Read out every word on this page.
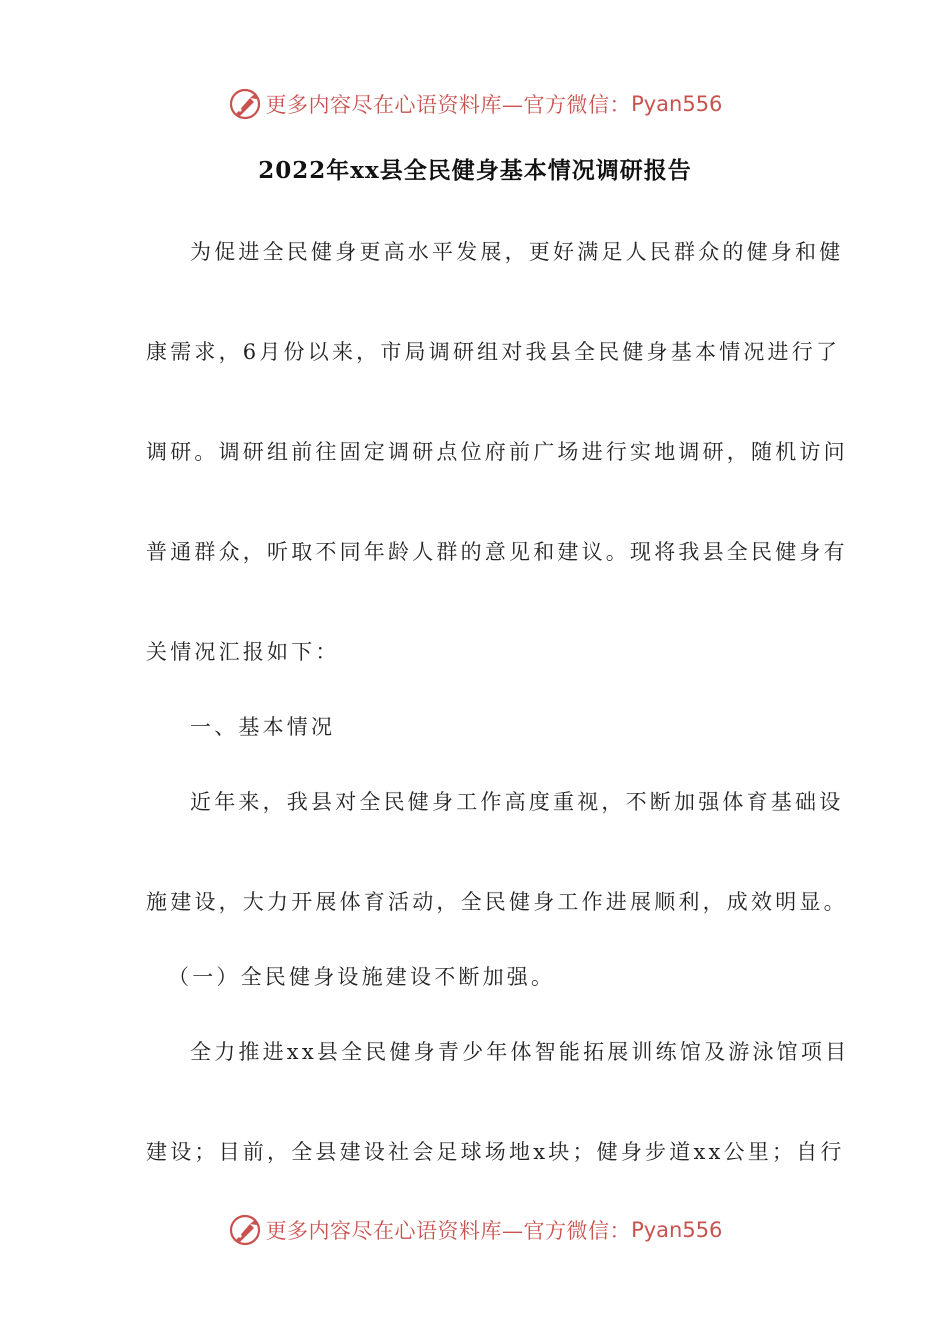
更多内容尽在心语资料库—官方微信： Pyan556
2022年xx县全民健身基本情况调研报告
为促进全民健身更高水平发展，更好满足人民群众的健身和健
康需求，6月份以来，市局调研组对我县全民健身基本情况进行了
调研。调研组前往固定调研点位府前广场进行实地调研，随机访问
普通群众，听取不同年龄人群的意见和建议。现将我县全民健身有
关情况汇报如下：
一、基本情况
近年来，我县对全民健身工作高度重视，不断加强体育基础设
施建设，大力开展体育活动，全民健身工作进展顺利，成效明显。
（一）全民健身设施建设不断加强。
全力推进xx县全民健身青少年体智能拓展训练馆及游泳馆项目
建设；目前，全县建设社会足球场地x块；健身步道xx公里；自行
更多内容尽在心语资料库—官方微信： Pyan556
